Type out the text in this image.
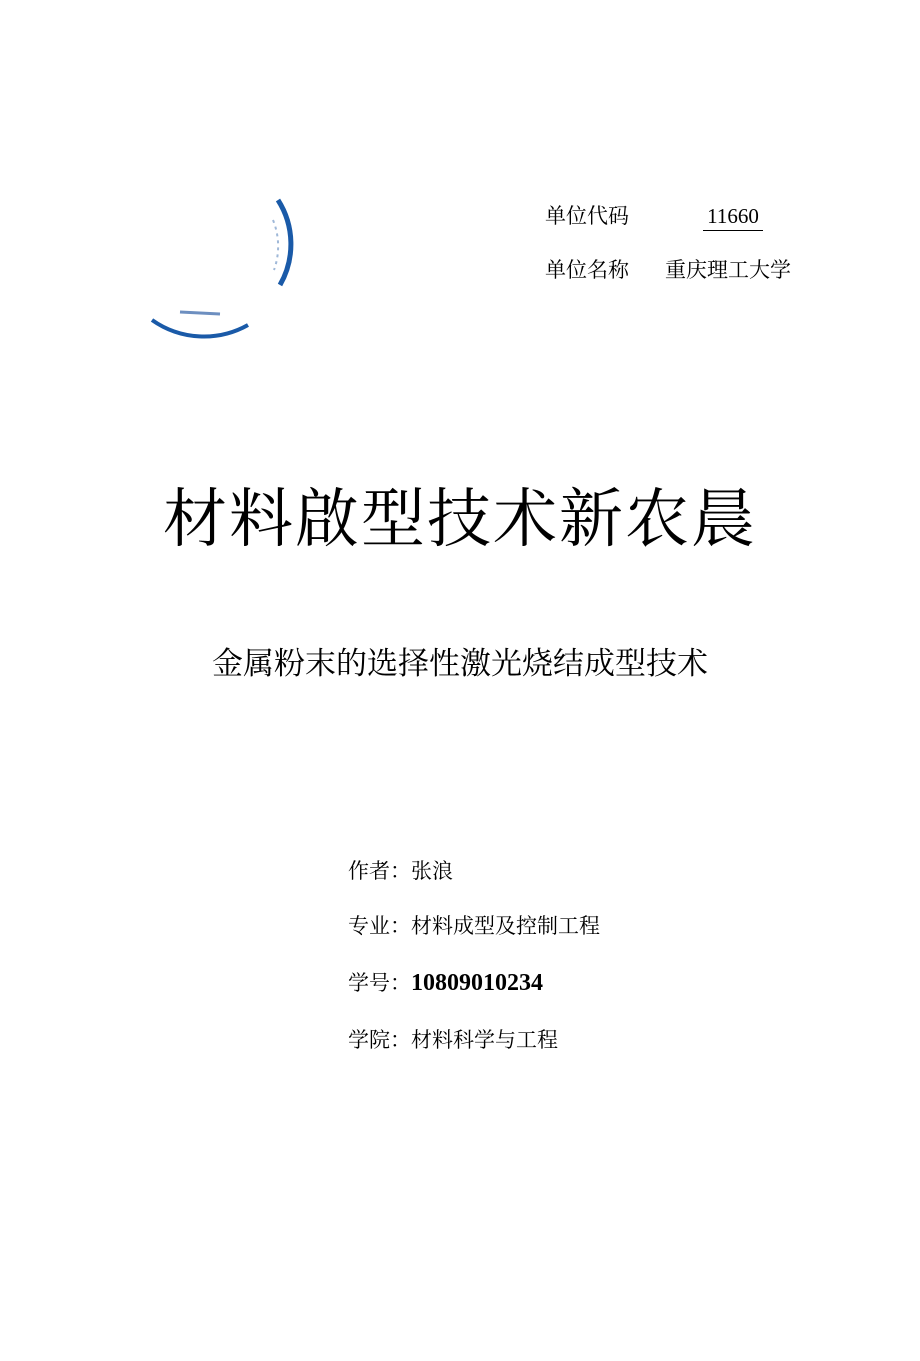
单位代码	11660
单位名称 重庆理工大学
材料啟型技术新农晨
金属粉末的选择性激光烧结成型技术
作者：张浪
专业：材料成型及控制工程
学号：10809010234
学院：材料科学与工程
